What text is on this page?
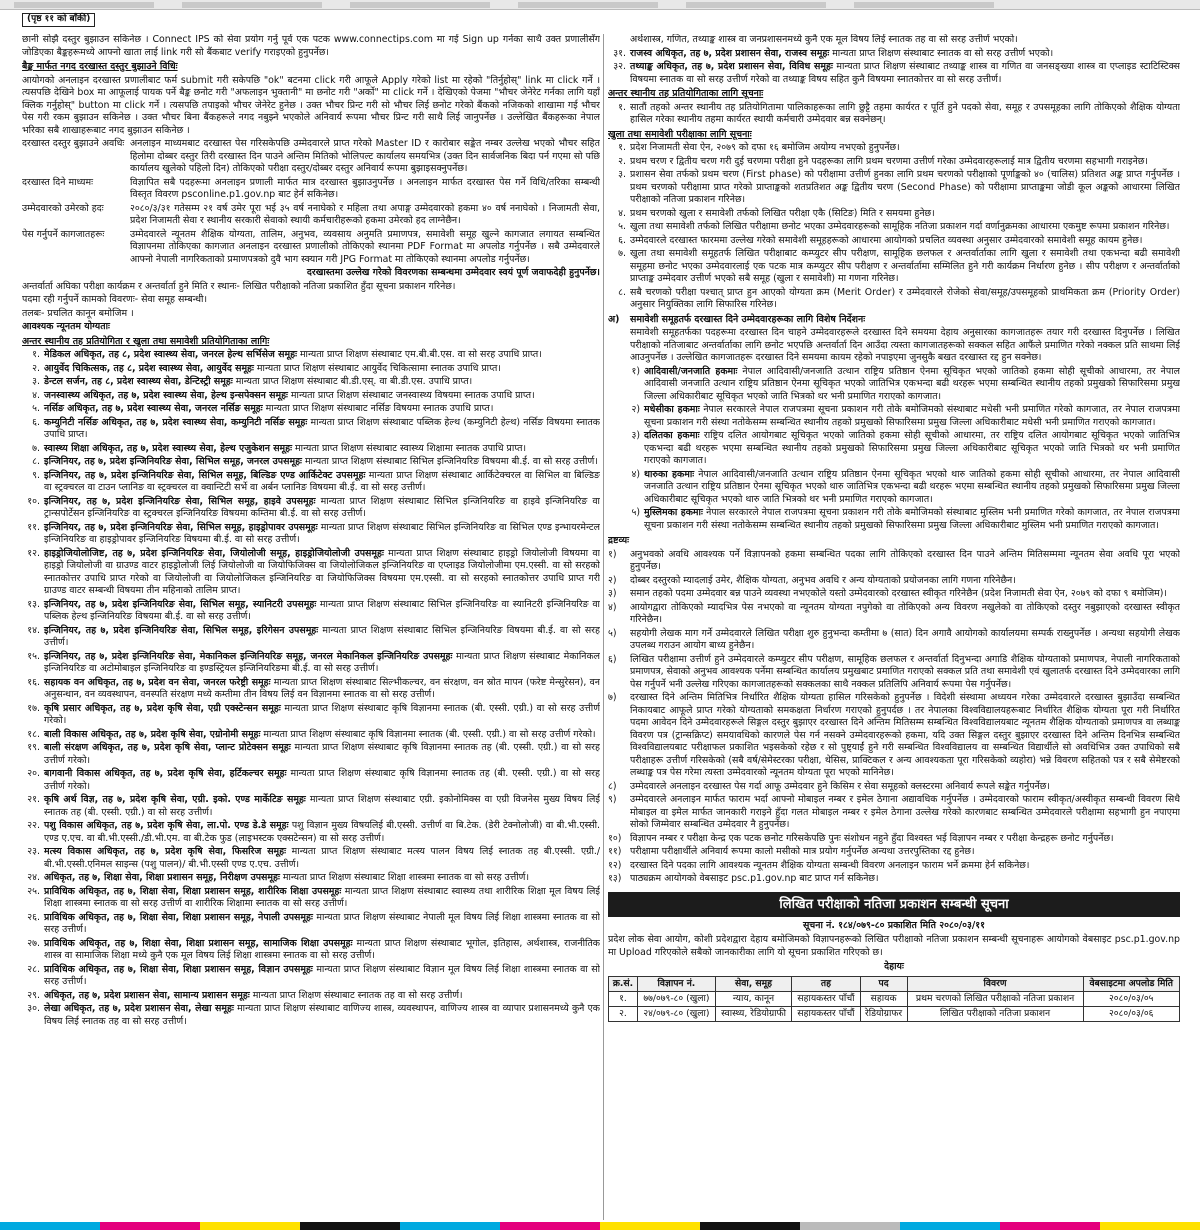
(पृष्ठ ११ को बाँकी)

छानी सोझै दस्तुर बुझाउन सकिनेछ । Connect IPS को सेवा प्रयोग गर्नु पूर्व एक पटक www.connectips.com मा गई Sign up गर्नका साथै उक्त प्रणालीसँग जोडिएका बैङ्कहरूमध्ये आफ्नो खाता लाई link गरी सो बैंकबाट verify गराइएको हुनुपर्नेछ।

बैङ्क मार्फत नगद दरखास्त दस्तुर बुझाउने विधिः

आयोगको अनलाइन दरखास्त प्रणालीबाट फर्म submit गरी सकेपछि "ok" बटनमा click गरी आफूले Apply गरेको list मा रहेको "तिर्नुहोस्" link मा click गर्ने । त्यसपछि देखिने box मा आफूलाई पायक पर्ने बैङ्क छनोट गरी "अफलाइन भुक्तानी" मा छनोट गरी "अर्को" मा click गर्ने । देखिएको पेजमा "भौचर जेनेरेट गर्नका लागि यहाँ क्लिक गर्नुहोस्" button मा click गर्ने । त्यसपछि तपाइको भौचर जेनेरेट हुनेछ । उक्त भौचर प्रिन्ट गरी सो भौचर लिई छनोट गरेको बैंकको नजिकको शाखामा गई भौचर पेस गरी रकम बुझाउन सकिनेछ । उक्त भौचर बिना बैंकहरूले नगद नबुझ्ने भएकोले अनिवार्य रूपमा भौचर प्रिन्ट गरी साथै लिई जानुपर्नेछ । उल्लेखित बैंकहरूका नेपाल भरिका सबै शाखाहरूबाट नगद बुझाउन सकिनेछ ।

दरखास्त दस्तुर बुझाउने अवधिः अनलाइन माध्यमबाट दरखास्त पेस गरिसकेपछि उम्मेदवारले प्राप्त गरेको Master ID र कारोबार सङ्केत नम्बर उल्लेख भएको भौचर सहित हिलोमा दोब्बर दस्तुर तिरी दरखास्त दिन पाउने अन्तिम मितिको भोलिपल्ट कार्यालय समयभित्र (उक्त दिन सार्वजनिक बिदा पर्न गएमा सो पछि कार्यालय खुलेको पहिलो दिन) तोकिएको परीक्षा दस्तुर/दोब्बर दस्तुर अनिवार्य रूपमा बुझाइसक्नुपर्नेछ।
दरखास्त दिने माध्यमः	विज्ञापित सबै पदहरूमा अनलाइन प्रणाली मार्फत मात्र दरखास्त बुझाउनुपर्नेछ । अनलाइन मार्फत दरखास्त पेस गर्ने विधि/तरिका सम्बन्धी विस्तृत विवरण psconline.p1.gov.np बाट हेर्न सकिनेछ।
उम्मेदवारको उमेरको हदः	२०८०/३/३१ गतेसम्म २१ वर्ष उमेर पूरा भई ३५ वर्ष ननाघेको र महिला तथा अपाङ्ग उम्मेदवारको हकमा ४० वर्ष ननाघेको । निजामती सेवा, प्रदेश निजामती सेवा र स्थानीय सरकारी सेवाको स्थायी कर्मचारीहरूको हकमा उमेरको हद लाग्नेछैन।
पेस गर्नुपर्ने कागजातहरूः	उम्मेदवारले न्यूनतम शैक्षिक योग्यता, तालिम, अनुभव, व्यवसाय अनुमति प्रमाणपत्र, समावेशी समूह खुल्ने कागजात लगायत सम्बन्धित विज्ञापनमा तोकिएका कागजात अनलाइन दरखास्त प्रणालीको तोकिएको स्थानमा PDF Format मा अपलोड गर्नुपर्नेछ । सबै उम्मेदवारले आफ्नो नेपाली नागरिकताको प्रमाणपत्रको दुवै भाग स्क्यान गरी JPG Format मा तोकिएको स्थानमा अपलोड गर्नुपर्नेछ।

दरखास्तमा उल्लेख गरेको विवरणका सम्बन्धमा उम्मेदवार स्वयं पूर्ण जवाफदेही हुनुपर्नेछ।

अन्तर्वार्ता अघिका परीक्षा कार्यक्रम र अन्तर्वार्ता हुने मिति र स्थानः- लिखित परीक्षाको नतिजा प्रकाशित हुँदा सूचना प्रकाशन गरिनेछ।

पदमा रही गर्नुपर्ने कामको विवरणः- सेवा समूह सम्बन्धी।

तलबः- प्रचलित कानून बमोजिम ।

आवश्यक न्यूनतम योग्यताः

अन्तर स्थानीय तह प्रतियोगिता र खुला तथा समावेशी प्रतियोगिताका लागिः

१. मेडिकल अधिकृत, तह ८, प्रदेश स्वास्थ्य सेवा, जनरल हेल्थ सर्भिसेज समूहः मान्यता प्राप्त शिक्षण संस्थाबाट एम.बी.बी.एस. वा सो सरह उपाधि प्राप्त।
२. आयुर्वेद चिकित्सक, तह ८, प्रदेश स्वास्थ्य सेवा, आयुर्वेद समूहः मान्यता प्राप्त शिक्षण संस्थाबाट आयुर्वेद चिकित्सामा स्नातक उपाधि प्राप्त।
३. डेन्टल सर्जन, तह ८, प्रदेश स्वास्थ्य सेवा, डेन्टिस्ट्री समूहः मान्यता प्राप्त शिक्षण संस्थाबाट बी.डी.एस्. वा बी.डी.एस. उपाधि प्राप्त।
४. जनस्वास्थ्य अधिकृत, तह ७, प्रदेश स्वास्थ्य सेवा, हेल्थ इन्सपेक्सन समूहः मान्यता प्राप्त शिक्षण संस्थाबाट जनस्वास्थ्य विषयमा स्नातक उपाधि प्राप्त।
५. नर्सिङ अधिकृत, तह ७, प्रदेश स्वास्थ्य सेवा, जनरल नर्सिङ समूहः मान्यता प्राप्त शिक्षण संस्थाबाट नर्सिङ विषयमा स्नातक उपाधि प्राप्त।
६. कम्युनिटी नर्सिङ अधिकृत, तह ७, प्रदेश स्वास्थ्य सेवा, कम्युनिटी नर्सिङ समूहः मान्यता प्राप्त शिक्षण संस्थाबाट पब्लिक हेल्थ (कम्युनिटी हेल्थ) नर्सिङ विषयमा स्नातक उपाधि प्राप्त।
७. स्वास्थ्य शिक्षा अधिकृत, तह ७, प्रदेश स्वास्थ्य सेवा, हेल्थ एजुकेशन समूहः मान्यता प्राप्त शिक्षण संस्थाबाट स्वास्थ्य शिक्षामा स्नातक उपाधि प्राप्त।
८. इन्जिनियर, तह ७, प्रदेश इन्जिनियरिङ सेवा, सिभिल समूह, जनरल उपसमूहः मान्यता प्राप्त शिक्षण संस्थाबाट सिभिल इन्जिनियरिङ विषयमा बी.ई. वा सो सरह उत्तीर्ण।
९. इन्जिनियर, तह ७, प्रदेश इन्जिनियरिङ सेवा, सिभिल समूह, बिल्डिङ एण्ड आर्किटेक्ट उपसमूहः मान्यता प्राप्त शिक्षण संस्थाबाट आर्किटेक्चरल वा सिभिल वा बिल्डिङ वा स्ट्रक्चरल वा टाउन प्लानिङ वा स्ट्रक्चरल वा क्वान्टिटी सर्भे वा अर्बन प्लानिङ विषयमा बी.ई. वा सो सरह उत्तीर्ण।
१०. इन्जिनियर, तह ७, प्रदेश इन्जिनियरिङ सेवा, सिभिल समूह, हाइवे उपसमूहः मान्यता प्राप्त शिक्षण संस्थाबाट सिभिल इन्जिनियरिङ वा हाइवे इन्जिनियरिङ वा ट्रान्सपोर्टेसन इन्जिनियरिङ वा स्ट्रक्चरल इन्जिनियरिङ विषयमा कम्तिमा बी.ई. वा सो सरह उत्तीर्ण।
११. इन्जिनियर, तह ७, प्रदेश इन्जिनियरिङ सेवा, सिभिल समूह, हाइड्रोपावर उपसमूहः मान्यता प्राप्त शिक्षण संस्थाबाट सिभिल इन्जिनियरिङ वा सिभिल एण्ड इन्भायरमेन्टल इन्जिनियरिङ वा हाइड्रोपावर इन्जिनियरिङ विषयमा बी.ई. वा सो सरह उत्तीर्ण।
१२. हाइड्रोजियोलोजिष्ट, तह ७, प्रदेश इन्जिनियरिङ सेवा, जियोलोजी समूह, हाइड्रोजियोलोजी उपसमूहः मान्यता प्राप्त शिक्षण संस्थाबाट हाइड्रो जियोलोजी विषयमा वा हाइड्रो जियोलोजी वा ग्राउण्ड वाटर हाइड्रोलोजी लिई जियोलोजी वा जियोफिजिक्स वा जियोलोजिकल इन्जिनियरिङ वा एप्लाइड जियोलोजीमा एम.एस्सी. वा सो सरहको स्नातकोत्तर उपाधि प्राप्त गरेको वा जियोलोजी वा जियोलोजिकल इन्जिनियरिङ वा जियोफिजिक्स विषयमा एम.एस्सी. वा सो सरहको स्नातकोत्तर उपाधि प्राप्त गरी ग्राउण्ड वाटर सम्बन्धी विषयमा तीन महिनाको तालिम प्राप्त।
१३. इन्जिनियर, तह ७, प्रदेश इन्जिनियरिङ सेवा, सिभिल समूह, स्यानिटरी उपसमूहः मान्यता प्राप्त शिक्षण संस्थाबाट सिभिल इन्जिनियरिङ वा स्यानिटरी इन्जिनियरिङ वा पब्लिक हेल्थ इन्जिनियरिङ विषयमा बी.ई. वा सो सरह उत्तीर्ण।
१४. इन्जिनियर, तह ७, प्रदेश इन्जिनियरिङ सेवा, सिभिल समूह, इरिगेसन उपसमूहः मान्यता प्राप्त शिक्षण संस्थाबाट सिभिल इन्जिनियरिङ विषयमा बी.ई. वा सो सरह उत्तीर्ण।
१५. इन्जिनियर, तह ७, प्रदेश इन्जिनियरिङ सेवा, मेकानिकल इन्जिनियरिङ समूह, जनरल मेकानिकल इन्जिनियरिङ उपसमूहः मान्यता प्राप्त शिक्षण संस्थाबाट मेकानिकल इन्जिनियरिङ वा अटोमोबाइल इन्जिनियरिङ वा इण्डस्ट्रियल इन्जिनियरिङमा बी.ई. वा सो सरह उत्तीर्ण।
१६. सहायक वन अधिकृत, तह ७, प्रदेश वन सेवा, जनरल फरेष्ट्री समूहः मान्यता प्राप्त शिक्षण संस्थाबाट सिल्भीकल्चर, वन संरक्षण, वन स्रोत मापन (फरेष्ट मेन्सुरेसन), वन अनुसन्धान, वन व्यवस्थापन, वनस्पति संरक्षण मध्ये कम्तीमा तीन विषय लिई वन विज्ञानमा स्नातक वा सो सरह उत्तीर्ण।
१७. कृषि प्रसार अधिकृत, तह ७, प्रदेश कृषि सेवा, एग्री एक्स्टेन्सन समूहः मान्यता प्राप्त शिक्षण संस्थाबाट कृषि विज्ञानमा स्नातक (बी. एस्सी. एग्री.) वा सो सरह उत्तीर्ण गरेको।
१८. बाली विकास अधिकृत, तह ७, प्रदेश कृषि सेवा, एग्रोनोमी समूहः मान्यता प्राप्त शिक्षण संस्थाबाट कृषि विज्ञानमा स्नातक (बी. एस्सी. एग्री.) वा सो सरह उत्तीर्ण गरेको।
१९. बाली संरक्षण अधिकृत, तह ७, प्रदेश कृषि सेवा, प्लान्ट प्रोटेक्सन समूहः मान्यता प्राप्त शिक्षण संस्थाबाट कृषि विज्ञानमा स्नातक तह (बी. एस्सी. एग्री.) वा सो सरह उत्तीर्ण गरेको।
२०. बागवानी विकास अधिकृत, तह ७, प्रदेश कृषि सेवा, हर्टिकल्चर समूहः मान्यता प्राप्त शिक्षण संस्थाबाट कृषि विज्ञानमा स्नातक तह (बी. एस्सी. एग्री.) वा सो सरह उत्तीर्ण गरेको।
२१. कृषि अर्थ विज्ञ, तह ७, प्रदेश कृषि सेवा, एग्री. इको. एण्ड मार्केटिङ समूहः मान्यता प्राप्त शिक्षण संस्थाबाट एग्री. इकोनोमिक्स वा एग्री विजनेस मुख्य विषय लिई स्नातक तह (बी. एस्सी. एग्री.) वा सो सरह उत्तीर्ण।
२२. पशु विकास अधिकृत, तह ७, प्रदेश कृषि सेवा, ला.पो. एण्ड डे.डे समूहः पशु विज्ञान मुख्य विषयलिई बी.एस्सी. उत्तीर्ण वा बि.टेक. (डेरी टेक्नोलोजी) वा बी.भी.एस्सी. एण्ड ए.एच. वा बी.भी.एस्सी./डी.भी.एम. वा बी.टेक फुड (लाइभस्टक एक्सटेन्सन) वा सो सरह उत्तीर्ण।
२३. मत्स्य विकास अधिकृत, तह ७, प्रदेश कृषि सेवा, फिसरिज समूहः मान्यता प्राप्त शिक्षण संस्थाबाट मत्स्य पालन विषय लिई स्नातक तह बी.एस्सी. एग्री./ बी.भी.एस्सी.एनिमल साइन्स (पशु पालन)/ बी.भी.एस्सी एण्ड ए.एच. उत्तीर्ण।
२४. अधिकृत, तह ७, शिक्षा सेवा, शिक्षा प्रशासन समूह, निरीक्षण उपसमूहः मान्यता प्राप्त शिक्षण संस्थाबाट शिक्षा शास्त्रमा स्नातक वा सो सरह उत्तीर्ण।
२५. प्राविधिक अधिकृत, तह ७, शिक्षा सेवा, शिक्षा प्रशासन समूह, शारीरिक शिक्षा उपसमूहः मान्यता प्राप्त शिक्षण संस्थाबाट स्वास्थ्य तथा शारीरिक शिक्षा मूल विषय लिई शिक्षा शास्त्रमा स्नातक वा सो सरह उत्तीर्ण वा शारीरिक शिक्षामा स्नातक वा सो सरह उत्तीर्ण।
२६. प्राविधिक अधिकृत, तह ७, शिक्षा सेवा, शिक्षा प्रशासन समूह, नेपाली उपसमूहः मान्यता प्राप्त शिक्षण संस्थाबाट नेपाली मूल विषय लिई शिक्षा शास्त्रमा स्नातक वा सो सरह उत्तीर्ण।
२७. प्राविधिक अधिकृत, तह ७, शिक्षा सेवा, शिक्षा प्रशासन समूह, सामाजिक शिक्षा उपसमूहः मान्यता प्राप्त शिक्षण संस्थाबाट भूगोल, इतिहास, अर्थशास्त्र, राजनीतिक शास्त्र वा सामाजिक शिक्षा मध्ये कुनै एक मूल विषय लिई शिक्षा शास्त्रमा स्नातक वा सो सरह उत्तीर्ण।
२८. प्राविधिक अधिकृत, तह ७, शिक्षा सेवा, शिक्षा प्रशासन समूह, विज्ञान उपसमूहः मान्यता प्राप्त शिक्षण संस्थाबाट विज्ञान मूल विषय लिई शिक्षा शास्त्रमा स्नातक वा सो सरह उत्तीर्ण।
२९. अधिकृत, तह ७, प्रदेश प्रशासन सेवा, सामान्य प्रशासन समूहः मान्यता प्राप्त शिक्षण संस्थाबाट स्नातक तह वा सो सरह उत्तीर्ण।
३०. लेखा अधिकृत, तह ७, प्रदेश प्रशासन सेवा, लेखा समूहः मान्यता प्राप्त शिक्षण संस्थाबाट वाणिज्य शास्त्र, व्यवस्थापन, वाणिज्य शास्त्र वा व्यापार प्रशासनमध्ये कुनै एक विषय लिई स्नातक तह वा सो सरह उत्तीर्ण।

अर्थशास्त्र, गणित, तथ्याङ्क शास्त्र वा जनप्रशासनमध्ये कुनै एक मूल विषय लिई स्नातक तह वा सो सरह उत्तीर्ण भएको।

३१. राजस्व अधिकृत, तह ७, प्रदेश प्रशासन सेवा, राजस्व समूहः मान्यता प्राप्त शिक्षण संस्थाबाट स्नातक वा सो सरह उत्तीर्ण भएको।
३२. तथ्याङ्क अधिकृत, तह ७, प्रदेश प्रशासन सेवा, विविध समूहः मान्यता प्राप्त शिक्षण संस्थाबाट तथ्याङ्क शास्त्र वा गणित वा जनसङ्ख्या शास्त्र वा एप्लाइड स्टाटिस्टिक्स विषयमा स्नातक वा सो सरह उत्तीर्ण गरेको वा तथ्याङ्क विषय सहित कुनै विषयमा स्नातकोत्तर वा सो सरह उत्तीर्ण।

अन्तर स्थानीय तह प्रतियोगिताका लागि सूचनाः

१. सातौं तहको अन्तर स्थानीय तह प्रतियोगितामा पालिकाहरूका लागि छुट्टै तहमा कार्यरत र पूर्ति हुने पदको सेवा, समूह र उपसमूहका लागि तोकिएको शैक्षिक योग्यता हासिल गरेका स्थानीय तहमा कार्यरत स्थायी कर्मचारी उम्मेदवार बन्न सक्नेछन्।

खुला तथा समावेशी परीक्षाका लागि सूचनाः

१. प्रदेश निजामती सेवा ऐन, २०७९ को दफा १६ बमोजिम अयोग्य नभएको हुनुपर्नेछ।
२. प्रथम चरण र द्वितीय चरण गरी दुई चरणमा परीक्षा हुने पदहरूका लागि प्रथम चरणमा उत्तीर्ण गरेका उम्मेदवारहरूलाई मात्र द्वितीय चरणमा सहभागी गराइनेछ।
३. प्रशासन सेवा तर्फको प्रथम चरण (First phase) को परीक्षामा उत्तीर्ण हुनका लागि प्रथम चरणको परीक्षाको पूर्णाङ्कको ४० (चालिस) प्रतिशत अङ्क प्राप्त गर्नुपर्नेछ । प्रथम चरणको परीक्षामा प्राप्त गरेको प्राप्ताङ्कको शतप्रतिशत अङ्क द्वितीय चरण (Second Phase) को परीक्षामा प्राप्ताङ्कमा जोडी कूल अङ्कको आधारमा लिखित परीक्षाको नतिजा प्रकाशन गरिनेछ।
४. प्रथम चरणको खुला र समावेशी तर्फको लिखित परीक्षा एकै (सिटिङ) मिति र समयमा हुनेछ।
५. खुला तथा समावेशी तर्फको लिखित परीक्षामा छनोट भएका उम्मेदवारहरूको सामूहिक नतिजा प्रकाशन गर्दा वर्णानुक्रमका आधारमा एकमुष्ट रूपमा प्रकाशन गरिनेछ।
६. उम्मेदवारले दरखास्त फारममा उल्लेख गरेको समावेशी समूहहरूको आधारमा आयोगको प्रचलित व्यवस्था अनुसार उम्मेदवारको समावेशी समूह कायम हुनेछ।
७. खुला तथा समावेशी समूहतर्फ लिखित परीक्षाबाट कम्प्युटर सीप परीक्षण, सामूहिक छलफल र अन्तर्वार्ताका लागि खुला र समावेशी तथा एकभन्दा बढी समावेशी समूहमा छनोट भएका उम्मेदवारलाई एक पटक मात्र कम्प्युटर सीप परीक्षण र अन्तर्वार्तामा सम्मिलित हुने गरी कार्यक्रम निर्धारण हुनेछ । सीप परीक्षण र अन्तर्वार्ताको प्राप्ताङ्क उम्मेदवार उत्तीर्ण भएको सबै समूह (खुला र समावेशी) मा गणना गरिनेछ।
८. सबै चरणको परीक्षा पश्चात् प्राप्त हुन आएको योग्यता क्रम (Merit Order) र उम्मेदवारले रोजेको सेवा/समूह/उपसमूहको प्राथमिकता क्रम (Priority Order) अनुसार नियुक्तिका लागि सिफारिस गरिनेछ।
अ)	समावेशी समूहतर्फ दरखास्त दिने उम्मेदवारहरूका लागि विशेष निर्देशनः

समावेशी समूहतर्फका पदहरूमा दरखास्त दिन चाहने उम्मेदवारहरूले दरखास्त दिने समयमा देहाय अनुसारका कागजातहरू तयार गरी दरखास्त दिनुपर्नेछ । लिखित परीक्षाको नतिजाबाट अन्तर्वार्ताका लागि छनोट भएपछि अन्तर्वार्ता दिन आउँदा त्यस्ता कागजातहरूको सक्कल सहित आफैंले प्रमाणित गरेको नक्कल प्रति साथमा लिई आउनुपर्नेछ । उल्लेखित कागजातहरू दरखास्त दिने समयमा कायम रहेको नपाइएमा जुनसुकै बखत दरखास्त रद्द हुन सक्नेछ।

१) आदिवासी/जनजाति हकमाः नेपाल आदिवासी/जनजाति उत्थान राष्ट्रिय प्रतिष्ठान ऐनमा सूचिकृत भएको जातिको हकमा सोही सूचीको आधारमा, तर नेपाल आदिवासी जनजाति उत्थान राष्ट्रिय प्रतिष्ठान ऐनमा सूचिकृत भएको जातिभित्र एकभन्दा बढी थरहरू भएमा सम्बन्धित स्थानीय तहको प्रमुखको सिफारिसमा प्रमुख जिल्ला अधिकारीबाट सूचिकृत भएको जाति भित्रको थर भनी प्रमाणित गराएको कागजात।
२) मधेसीका हकमाः नेपाल सरकारले नेपाल राजपत्रमा सूचना प्रकाशन गरी तोके बमोजिमको संस्थाबाट मधेसी भनी प्रमाणित गरेको कागजात, तर नेपाल राजपत्रमा सूचना प्रकाशन गरी संस्था नतोकेसम्म सम्बन्धित स्थानीय तहको प्रमुखको सिफारिसमा प्रमुख जिल्ला अधिकारीबाट मधेसी भनी प्रमाणित गराएको कागजात।
३) दलितका हकमाः राष्ट्रिय दलित आयोगबाट सूचिकृत भएको जातिको हकमा सोही सूचीको आधारमा, तर राष्ट्रिय दलित आयोगबाट सूचिकृत भएको जातिभित्र एकभन्दा बढी थरहरू भएमा सम्बन्धित स्थानीय तहको प्रमुखको सिफारिसमा प्रमुख जिल्ला अधिकारीबाट सूचिकृत भएको जाति भित्रको थर भनी प्रमाणित गराएको कागजात।
४) थारुका हकमाः नेपाल आदिवासी/जनजाति उत्थान राष्ट्रिय प्रतिष्ठान ऐनमा सूचिकृत भएको थारु जातिको हकमा सोही सूचीको आधारमा, तर नेपाल आदिवासी जनजाति उत्थान राष्ट्रिय प्रतिष्ठान ऐनमा सूचिकृत भएको थारु जातिभित्र एकभन्दा बढी थरहरू भएमा सम्बन्धित स्थानीय तहको प्रमुखको सिफारिसमा प्रमुख जिल्ला अधिकारीबाट सूचिकृत भएको थारु जाति भित्रको थर भनी प्रमाणित गराएको कागजात।
५) मुस्लिमका हकमाः नेपाल सरकारले नेपाल राजपत्रमा सूचना प्रकाशन गरी तोके बमोजिमको संस्थाबाट मुस्लिम भनी प्रमाणित गरेको कागजात, तर नेपाल राजपत्रमा सूचना प्रकाशन गरी संस्था नतोकेसम्म सम्बन्धित स्थानीय तहको प्रमुखको सिफारिसमा प्रमुख जिल्ला अधिकारीबाट मुस्लिम भनी प्रमाणित गराएको कागजात।

द्रष्टव्यः

१)	अनुभवको अवधि आवश्यक पर्ने विज्ञापनको हकमा सम्बन्धित पदका लागि तोकिएको दरखास्त दिन पाउने अन्तिम मितिसम्ममा न्यूनतम सेवा अवधि पूरा भएको हुनुपर्नेछ।
२)	दोब्बर दस्तुरको म्यादलाई उमेर, शैक्षिक योग्यता, अनुभव अवधि र अन्य योग्यताको प्रयोजनका लागि गणना गरिनेछैन।
३)	समान तहको पदमा उम्मेदवार बन्न पाउने व्यवस्था नभएकोले यस्तो उम्मेदवारको दरखास्त स्वीकृत गरिनेछैन (प्रदेश निजामती सेवा ऐन, २०७९ को दफा ९ बमोजिम)।
४)	आयोगद्वारा तोकिएको म्यादभित्र पेस नभएको वा न्यूनतम योग्यता नपुगेको वा तोकिएको अन्य विवरण नखुलेको वा तोकिएको दस्तुर नबुझाएको दरखास्त स्वीकृत गरिनेछैन।
५)	सहयोगी लेखक माग गर्ने उम्मेदवारले लिखित परीक्षा शुरु हुनुभन्दा कम्तीमा ७ (सात) दिन अगावै आयोगको कार्यालयमा सम्पर्क राख्नुपर्नेछ । अन्यथा सहयोगी लेखक उपलब्ध गराउन आयोग बाध्य हुनेछैन।
६)	लिखित परीक्षामा उत्तीर्ण हुने उम्मेदवारले कम्प्युटर सीप परीक्षण, सामूहिक छलफल र अन्तर्वार्ता दिनुभन्दा अगाडि शैक्षिक योग्यताको प्रमाणपत्र, नेपाली नागरिकताको प्रमाणपत्र, सेवाको अनुभव आवश्यक पर्नेमा सम्बन्धित कार्यालय प्रमुखबाट प्रमाणित गराएको सक्कल प्रति तथा समावेशी एवं खुलातर्फ दरखास्त दिने उम्मेदवारका लागि पेस गर्नुपर्ने भनी उल्लेख गरिएका कागजातहरूको सक्कलका साथै नक्कल प्रतिलिपि अनिवार्य रूपमा पेस गर्नुपर्नेछ।
७)	दरखास्त दिने अन्तिम मितिभित्र निर्धारित शैक्षिक योग्यता हासिल गरिसकेको हुनुपर्नेछ । विदेशी संस्थामा अध्ययन गरेका उम्मेदवारले दरखास्त बुझाउँदा सम्बन्धित निकायबाट आफूले प्राप्त गरेको योग्यताको समकक्षता निर्धारण गराएको हुनुपर्दछ । तर नेपालका विश्वविद्यालयहरूबाट निर्धारित शैक्षिक योग्यता पूरा गरी निर्धारित पदमा आवेदन दिने उम्मेदवारहरूले सिङ्गल दस्तुर बुझाएर दरखास्त दिने अन्तिम मितिसम्म सम्बन्धित विश्वविद्यालयबाट न्यूनतम शैक्षिक योग्यताको प्रमाणपत्र वा लब्धाङ्क विवरण पत्र (ट्रान्सक्रिप्ट) समयावधिको कारणले पेस गर्न नसक्ने उम्मेदवारहरूको हकमा, यदि उक्त सिङ्गल दस्तुर बुझाएर दरखास्त दिने अन्तिम दिनभित्र सम्बन्धित विश्वविद्यालयबाट परीक्षाफल प्रकाशित भइसकेको रहेछ र सो पुष्ट्याईं हुने गरी सम्बन्धित विश्वविद्यालय वा सम्बन्धित विद्यार्थीले सो अवधिभित्र उक्त उपाधिको सबै परीक्षाहरू उत्तीर्ण गरिसकेको (सबै वर्ष/सेमेस्टरका परीक्षा, थेसिस, प्राक्टिकल र अन्य आवश्यकता पूरा गरिसकेको व्यहोरा) भन्ने विवरण सहितको पत्र र सबै सेमेष्टरको लब्धाङ्क पत्र पेस गरेमा त्यस्ता उम्मेदवारको न्यूनतम योग्यता पूरा भएको मानिनेछ।
८)	उम्मेदवारले अनलाइन दरखास्त पेस गर्दा आफू उम्मेदवार हुने किसिम र सेवा समूहको क्लस्टरमा अनिवार्य रूपले सङ्केत गर्नुपर्नेछ।
९)	उम्मेदवारले अनलाइन मार्फत फाराम भर्दा आफ्नो मोबाइल नम्बर र इमेल ठेगाना अद्यावधिक गर्नुपर्नेछ । उम्मेदवारको फाराम स्वीकृत/अस्वीकृत सम्बन्धी विवरण सिधै मोबाइल वा इमेल मार्फत जानकारी गराइने हुँदा गलत मोबाइल नम्बर र इमेल ठेगाना उल्लेख गरेको कारणबाट सम्बन्धित उम्मेदवारले परीक्षामा सहभागी हुन नपाएमा सोको जिम्मेवार सम्बन्धित उम्मेदवार नै हुनुपर्नेछ।
१०) विज्ञापन नम्बर र परीक्षा केन्द्र एक पटक छनोट गरिसकेपछि पुनः संशोधन नहुने हुँदा विश्वस्त भई विज्ञापन नम्बर र परीक्षा केन्द्रहरू छनोट गर्नुपर्नेछ।
११) परीक्षामा परीक्षार्थीले अनिवार्य रूपमा कालो मसीको मात्र प्रयोग गर्नुपर्नेछ अन्यथा उत्तरपुस्तिका रद्द हुनेछ।
१२) दरखास्त दिने पदका लागि आवश्यक न्यूनतम शैक्षिक योग्यता सम्बन्धी विवरण अनलाइन फाराम भर्ने क्रममा हेर्न सकिनेछ।
१३) पाठ्यक्रम आयोगको वेबसाइट psc.p1.gov.np बाट प्राप्त गर्न सकिनेछ।
लिखित परीक्षाको नतिजा प्रकाशन सम्बन्धी सूचना
सूचना नं. १८४/०७९-८० प्रकाशित मिति २०८०/०३/११

प्रदेश लोक सेवा आयोग, कोशी प्रदेशद्वारा देहाय बमोजिमको विज्ञापनहरूको लिखित परीक्षाको नतिजा प्रकाशन सम्बन्धी सूचनाहरू आयोगको वेबसाइट psc.p1.gov.np मा Upload गरिएकोले सबैको जानकारीका लागि यो सूचना प्रकाशित गरिएको छ।

देहायः
क्र.सं.	विज्ञापन नं.	सेवा, समूह	तह	पद	विवरण	वेबसाइटमा अपलोड मिति
१.	७७/०७९-८० (खुला)	न्याय, कानून	सहायकस्तर पाँचौं	सहायक	प्रथम चरणको लिखित परीक्षाको नतिजा प्रकाशन	२०८०/०३/०५
२.	२४/०७९-८० (खुला)	स्वास्थ्य, रेडियोग्राफी	सहायकस्तर पाँचौं	रेडियोग्राफर	लिखित परीक्षाको नतिजा प्रकाशन	२०८०/०३/०६
